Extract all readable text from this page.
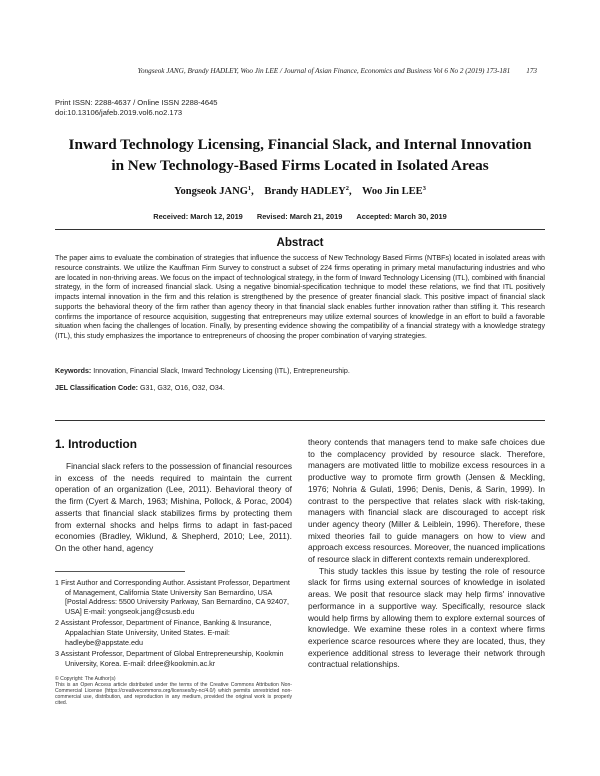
Yongseok JANG, Brandy HADLEY, Woo Jin LEE / Journal of Asian Finance, Economics and Business Vol 6 No 2 (2019) 173-181 173
Print ISSN: 2288-4637 / Online ISSN 2288-4645
doi:10.13106/jafeb.2019.vol6.no2.173
Inward Technology Licensing, Financial Slack, and Internal Innovation
in New Technology-Based Firms Located in Isolated Areas
Yongseok JANG$^1$, Brandy HADLEY$^2$, Woo Jin LEE$^3$
Received: March 12, 2019 Revised: March 21, 2019 Accepted: March 30, 2019
Abstract
The paper aims to evaluate the combination of strategies that influence the success of New Technology Based Firms (NTBFs) located in isolated areas with resource constraints. We utilize the Kauffman Firm Survey to construct a subset of 224 firms operating in primary metal manufacturing industries and who are located in non-thriving areas. We focus on the impact of technological strategy, in the form of Inward Technology Licensing (ITL), combined with financial strategy, in the form of increased financial slack. Using a negative binomial-specification technique to model these relations, we find that ITL positively impacts internal innovation in the firm and this relation is strengthened by the presence of greater financial slack. This positive impact of financial slack supports the behavioral theory of the firm rather than agency theory in that financial slack enables further innovation rather than stifling it. This research confirms the importance of resource acquisition, suggesting that entrepreneurs may utilize external sources of knowledge in an effort to build a favorable situation when facing the challenges of location. Finally, by presenting evidence showing the compatibility of a financial strategy with a knowledge strategy (ITL), this study emphasizes the importance to entrepreneurs of choosing the proper combination of varying strategies.
Keywords: Innovation, Financial Slack, Inward Technology Licensing (ITL), Entrepreneurship.
JEL Classification Code: G31, G32, O16, O32, O34.
1. Introduction

Financial slack refers to the possession of financial resources in excess of the needs required to maintain the current operation of an organization (Lee, 2011). Behavioral theory of the firm (Cyert & March, 1963; Mishina, Pollock, & Porac, 2004) asserts that financial slack stabilizes firms by protecting them from external shocks and helps firms to adapt in fast-paced economies (Bradley, Wiklund, & Shepherd, 2010; Lee, 2011). On the other hand, agency

theory contends that managers tend to make safe choices due to the complacency provided by resource slack. Therefore, managers are motivated little to mobilize excess resources in a productive way to promote firm growth (Jensen & Meckling, 1976; Nohria & Gulati, 1996; Denis, Denis, & Sarin, 1999). In contrast to the perspective that relates slack with risk-taking, managers with financial slack are discouraged to accept risk under agency theory (Miller & Leiblein, 1996). Therefore, these mixed theories fail to guide managers on how to view and approach excess resources. Moreover, the nuanced implications of resource slack in different contexts remain underexplored.

This study tackles this issue by testing the role of resource slack for firms using external sources of knowledge in isolated areas. We posit that resource slack may help firms' innovative performance in a supportive way. Specifically, resource slack would help firms by allowing them to explore external sources of knowledge. We examine these roles in a context where firms experience scarce resources where they are located, thus, they experience additional stress to leverage their network through contractual relationships.

1 First Author and Corresponding Author. Assistant Professor, Department of Management, California State University San Bernardino, USA [Postal Address: 5500 University Parkway, San Bernardino, CA 92407, USA] E-mail: yongseok.jang@csusb.edu
2 Assistant Professor, Department of Finance, Banking & Insurance, Appalachian State University, United States. E-mail: hadleybe@appstate.edu
3 Assistant Professor, Department of Global Entrepreneurship, Kookmin University, Korea. E-mail: drlee@kookmin.ac.kr
© Copyright: The Author(s)
This is an Open Access article distributed under the terms of the Creative Commons Attribution Non-Commercial License (https://creativecommons.org/licenses/by-nc/4.0/) which permits unrestricted non-commercial use, distribution, and reproduction in any medium, provided the original work is properly cited.
